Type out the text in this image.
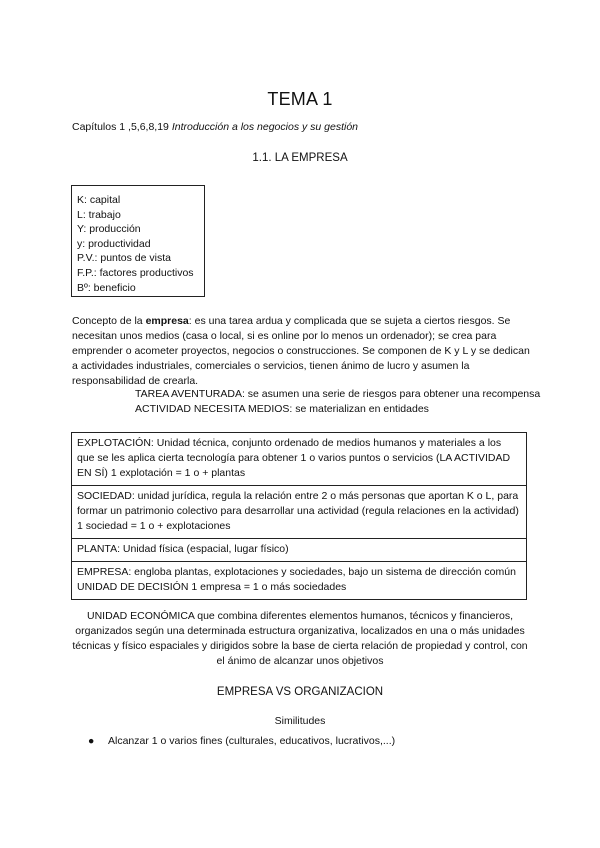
TEMA 1
Capítulos 1 ,5,6,8,19 Introducción a los negocios y su gestión
1.1. LA EMPRESA
K: capital
L: trabajo
Y: producción
y: productividad
P.V.: puntos de vista
F.P.: factores productivos
Bº: beneficio
Concepto de la empresa: es una tarea ardua y complicada que se sujeta a ciertos riesgos. Se necesitan unos medios (casa o local, si es online por lo menos un ordenador); se crea para emprender o acometer proyectos, negocios o construcciones. Se componen de K y L y se dedican a actividades industriales, comerciales o servicios, tienen ánimo de lucro y asumen la responsabilidad de crearla.
TAREA AVENTURADA: se asumen una serie de riesgos para obtener una recompensa
ACTIVIDAD NECESITA MEDIOS: se materializan en entidades
EXPLOTACIÓN: Unidad técnica, conjunto ordenado de medios humanos y materiales a los que se les aplica cierta tecnología para obtener 1 o varios puntos o servicios (LA ACTIVIDAD EN SÍ) 1 explotación = 1 o + plantas
SOCIEDAD: unidad jurídica, regula la relación entre 2 o más personas que aportan K o L, para formar un patrimonio colectivo para desarrollar una actividad (regula relaciones en la actividad) 1 sociedad = 1 o + explotaciones
PLANTA: Unidad física (espacial, lugar físico)
EMPRESA: engloba plantas, explotaciones y sociedades, bajo un sistema de dirección común UNIDAD DE DECISIÓN 1 empresa = 1 o más sociedades
UNIDAD ECONÓMICA que combina diferentes elementos humanos, técnicos y financieros, organizados según una determinada estructura organizativa, localizados en una o más unidades técnicas y físico espaciales y dirigidos sobre la base de cierta relación de propiedad y control, con el ánimo de alcanzar unos objetivos
EMPRESA VS ORGANIZACION
Similitudes
● Alcanzar 1 o varios fines (culturales, educativos, lucrativos,...)
